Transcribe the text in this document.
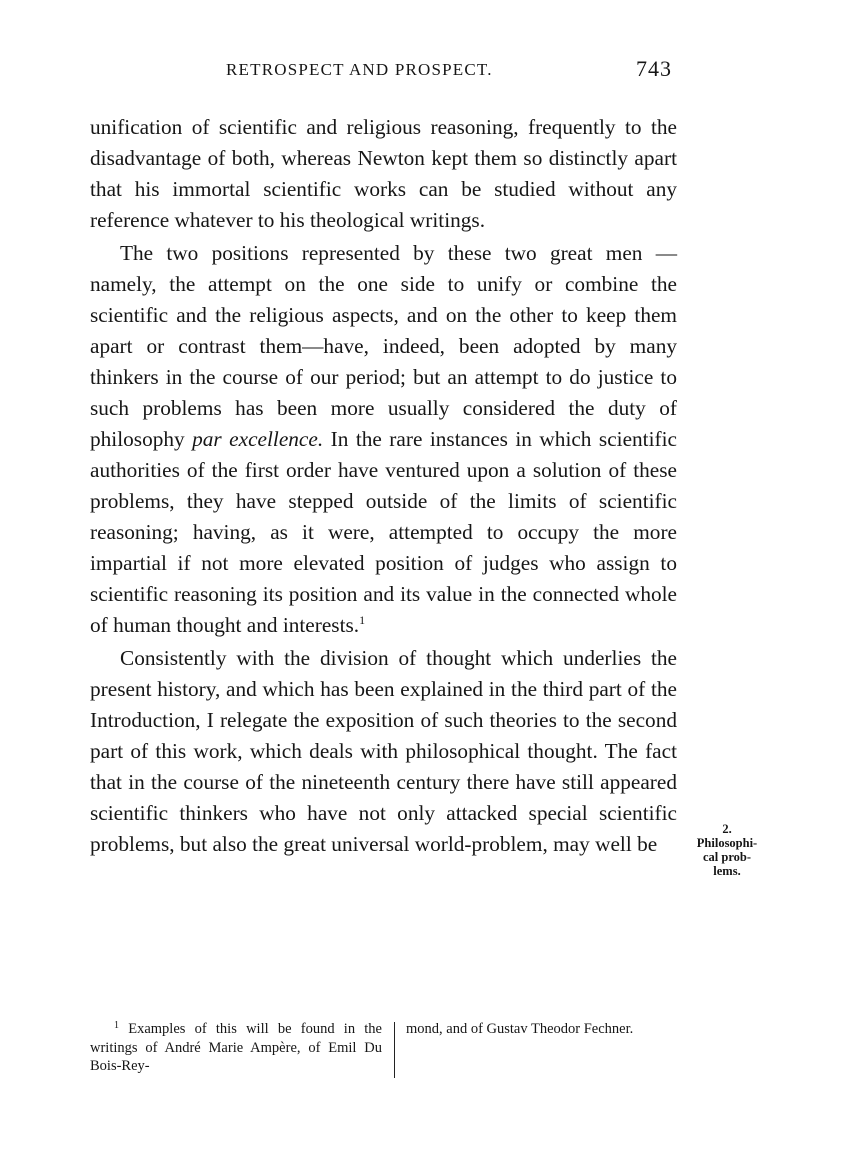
RETROSPECT AND PROSPECT.	743

unification of scientific and religious reasoning, frequently to the disadvantage of both, whereas Newton kept them so distinctly apart that his immortal scientific works can be studied without any reference whatever to his theological writings.

The two positions represented by these two great men — namely, the attempt on the one side to unify or combine the scientific and the religious aspects, and on the other to keep them apart or contrast them—have, indeed, been adopted by many thinkers in the course of our period; but an attempt to do justice to such problems has been more usually considered the duty of philosophy par excellence. In the rare instances in which scientific authorities of the first order have ventured upon a solution of these problems, they have stepped outside of the limits of scientific reasoning; having, as it were, attempted to occupy the more impartial if not more elevated position of judges who assign to scientific reasoning its position and its value in the connected whole of human thought and interests.$^1$

Consistently with the division of thought which underlies the present history, and which has been explained in the third part of the Introduction, I relegate the exposition of such theories to the second part of this work, which deals with philosophical thought. The fact that in the course of the nineteenth century there have still appeared scientific thinkers who have not only attacked special scientific problems, but also the great universal world-problem, may well be

2.
Philosophi-
cal prob-
lems.

$^1$ Examples of this will be found in the writings of André Marie Ampère, of Emil Du Bois-Rey-

mond, and of Gustav Theodor Fechner.
